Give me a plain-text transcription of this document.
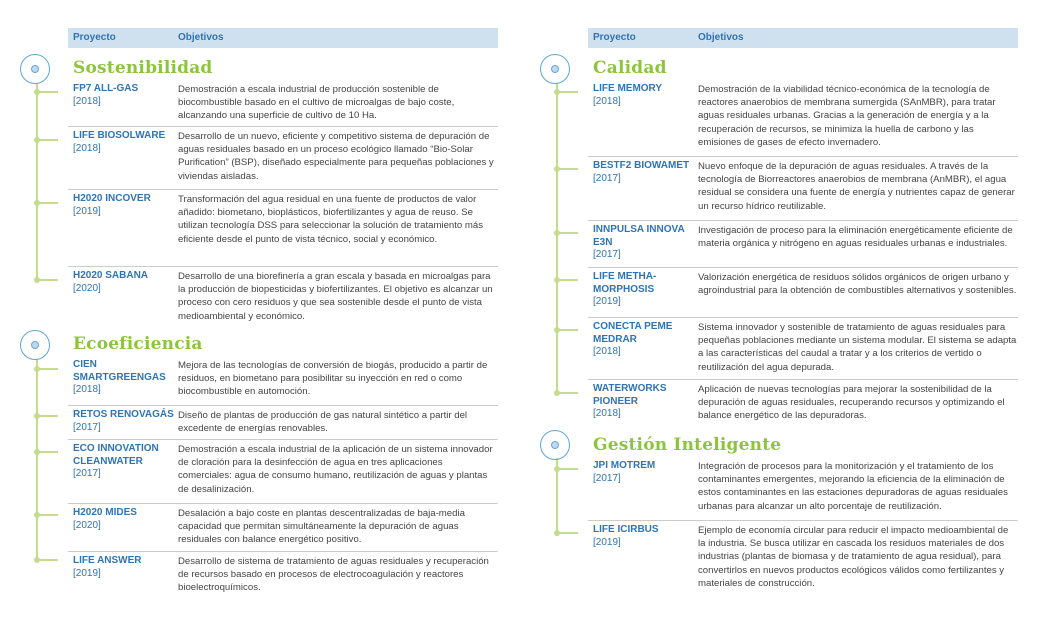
Proyecto	Objetivos
Sostenibilidad
FP7 ALL-GAS
[2018]
Demostración a escala industrial de producción sostenible de biocombustible basado en el cultivo de microalgas de bajo coste, alcanzando una superficie de cultivo de 10 Ha.
LIFE BIOSOLWARE
[2018]
Desarrollo de un nuevo, eficiente y competitivo sistema de depuración de aguas residuales basado en un proceso ecológico llamado “Bio-Solar Purification” (BSP), diseñado especialmente para pequeñas poblaciones y viviendas aisladas.
H2020 INCOVER
[2019]
Transformación del agua residual en una fuente de productos de valor añadido: biometano, bioplásticos, biofertilizantes y agua de reuso. Se utilizan tecnología DSS para seleccionar la solución de tratamiento más eficiente desde el punto de vista técnico, social y económico.
H2020 SABANA
[2020]
Desarrollo de una biorefinería a gran escala y basada en microalgas para la producción de biopesticidas y biofertilizantes. El objetivo es alcanzar un proceso con cero residuos y que sea sostenible desde el punto de vista medioambiental y económico.
Ecoeficiencia
CIEN SMARTGREENGAS
[2018]
Mejora de las tecnologías de conversión de biogás, producido a partir de residuos, en biometano para posibilitar su inyección en red o como biocombustible en automoción.
RETOS RENOVAGÁS
[2017]
Diseño de plantas de producción de gas natural sintético a partir del excedente de energías renovables.
ECO INNOVATION CLEANWATER
[2017]
Demostración a escala industrial de la aplicación de un sistema innovador de cloración para la desinfección de agua en tres aplicaciones comerciales: agua de consumo humano, reutilización de aguas y plantas de desalinización.
H2020 MIDES
[2020]
Desalación a bajo coste en plantas descentralizadas de baja-media capacidad que permitan simultáneamente la depuración de aguas residuales con balance energético positivo.
LIFE ANSWER
[2019]
Desarrollo de sistema de tratamiento de aguas residuales y recuperación de recursos basado en procesos de electrocoagulación y reactores bioelectroquímicos.
Proyecto	Objetivos
Calidad
LIFE MEMORY
[2018]
Demostración de la viabilidad técnico-económica de la tecnología de reactores anaerobios de membrana sumergida (SAnMBR), para tratar aguas residuales urbanas. Gracias a la generación de energía y a la recuperación de recursos, se minimiza la huella de carbono y las emisiones de gases de efecto invernadero.
BESTF2 BIOWAMET
[2017]
Nuevo enfoque de la depuración de aguas residuales. A través de la tecnología de Biorreactores anaerobios de membrana (AnMBR), el agua residual se considera una fuente de energía y nutrientes capaz de generar un recurso hídrico reutilizable.
INNPULSA INNOVA E3N
[2017]
Investigación de proceso para la eliminación energéticamente eficiente de materia orgánica y nitrógeno en aguas residuales urbanas e industriales.
LIFE METHA-MORPHOSIS
[2019]
Valorización energética de residuos sólidos orgánicos de origen urbano y agroindustrial para la obtención de combustibles alternativos y sostenibles.
CONECTA PEME MEDRAR
[2018]
Sistema innovador y sostenible de tratamiento de aguas residuales para pequeñas poblaciones mediante un sistema modular. El sistema se adapta a las características del caudal a tratar y a los criterios de vertido o reutilización del agua depurada.
WATERWORKS PIONEER
[2018]
Aplicación de nuevas tecnologías para mejorar la sostenibilidad de la depuración de aguas residuales, recuperando recursos y optimizando el balance energético de las depuradoras.
Gestión Inteligente
JPI MOTREM
[2017]
Integración de procesos para la monitorización y el tratamiento de los contaminantes emergentes, mejorando la eficiencia de la eliminación de estos contaminantes en las estaciones depuradoras de aguas residuales urbanas para alcanzar un alto porcentaje de reutilización.
LIFE ICIRBUS
[2019]
Ejemplo de economía circular para reducir el impacto medioambiental de la industria. Se busca utilizar en cascada los residuos materiales de dos industrias (plantas de biomasa y de tratamiento de agua residual), para convertirlos en nuevos productos ecológicos válidos como fertilizantes y materiales de construcción.
